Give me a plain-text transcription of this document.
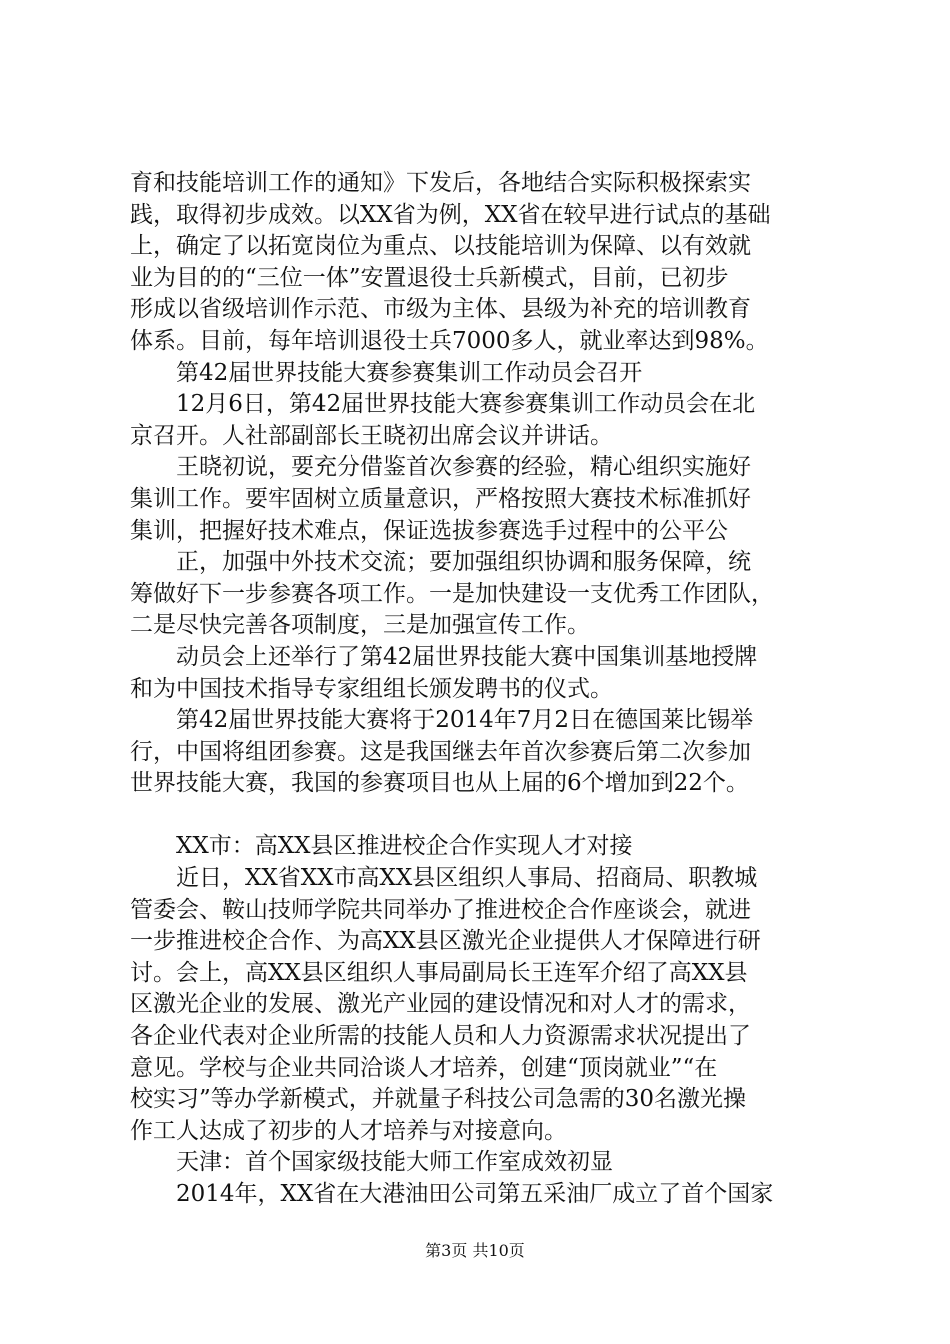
育和技能培训工作的通知》下发后，各地结合实际积极探索实
践，取得初步成效。以XX省为例，XX省在较早进行试点的基础
上，确定了以拓宽岗位为重点、以技能培训为保障、以有效就
业为目的的“三位一体”安置退役士兵新模式，目前，已初步
形成以省级培训作示范、市级为主体、县级为补充的培训教育
体系。目前，每年培训退役士兵7000多人，就业率达到98%。
第42届世界技能大赛参赛集训工作动员会召开
12月6日，第42届世界技能大赛参赛集训工作动员会在北
京召开。人社部副部长王晓初出席会议并讲话。
王晓初说，要充分借鉴首次参赛的经验，精心组织实施好
集训工作。要牢固树立质量意识，严格按照大赛技术标准抓好
集训，把握好技术难点，保证选拔参赛选手过程中的公平公
正，加强中外技术交流；要加强组织协调和服务保障，统
筹做好下一步参赛各项工作。一是加快建设一支优秀工作团队，
二是尽快完善各项制度，三是加强宣传工作。
动员会上还举行了第42届世界技能大赛中国集训基地授牌
和为中国技术指导专家组组长颁发聘书的仪式。
第42届世界技能大赛将于2014年7月2日在德国莱比锡举
行，中国将组团参赛。这是我国继去年首次参赛后第二次参加
世界技能大赛，我国的参赛项目也从上届的6个增加到22个。
XX市：高XX县区推进校企合作实现人才对接
近日，XX省XX市高XX县区组织人事局、招商局、职教城
管委会、鞍山技师学院共同举办了推进校企合作座谈会，就进
一步推进校企合作、为高XX县区激光企业提供人才保障进行研
讨。会上，高XX县区组织人事局副局长王连军介绍了高XX县
区激光企业的发展、激光产业园的建设情况和对人才的需求，
各企业代表对企业所需的技能人员和人力资源需求状况提出了
意见。学校与企业共同洽谈人才培养，创建“顶岗就业”“在
校实习”等办学新模式，并就量子科技公司急需的30名激光操
作工人达成了初步的人才培养与对接意向。
天津：首个国家级技能大师工作室成效初显
2014年，XX省在大港油田公司第五采油厂成立了首个国家
第3页 共10页
